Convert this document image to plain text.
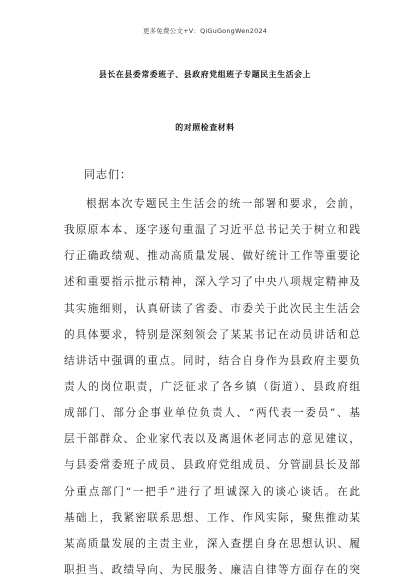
更多免费公文+V：QiGuGongWen2024
县长在县委常委班子、县政府党组班子专题民主生活会上
的对照检查材料
同志们：
根据本次专题民主生活会的统一部署和要求，会前，
我原原本本、逐字逐句重温了习近平总书记关于树立和践
行正确政绩观、推动高质量发展、做好统计工作等重要论
述和重要指示批示精神，深入学习了中央八项规定精神及
其实施细则，认真研读了省委、市委关于此次民主生活会
的具体要求，特别是深刻领会了某某书记在动员讲话和总
结讲话中强调的重点。同时，结合自身作为县政府主要负
责人的岗位职责，广泛征求了各乡镇（街道）、县政府组
成部门、部分企事业单位负责人、“两代表一委员”、基
层干部群众、企业家代表以及离退休老同志的意见建议，
与县委常委班子成员、县政府党组成员、分管副县长及部
分重点部门“一把手”进行了坦诚深入的谈心谈话。在此
基础上，我紧密联系思想、工作、作风实际，聚焦推动某
某高质量发展的主责主业，深入查摆自身在思想认识、履
职担当、政绩导向、为民服务、廉洁自律等方面存在的突
